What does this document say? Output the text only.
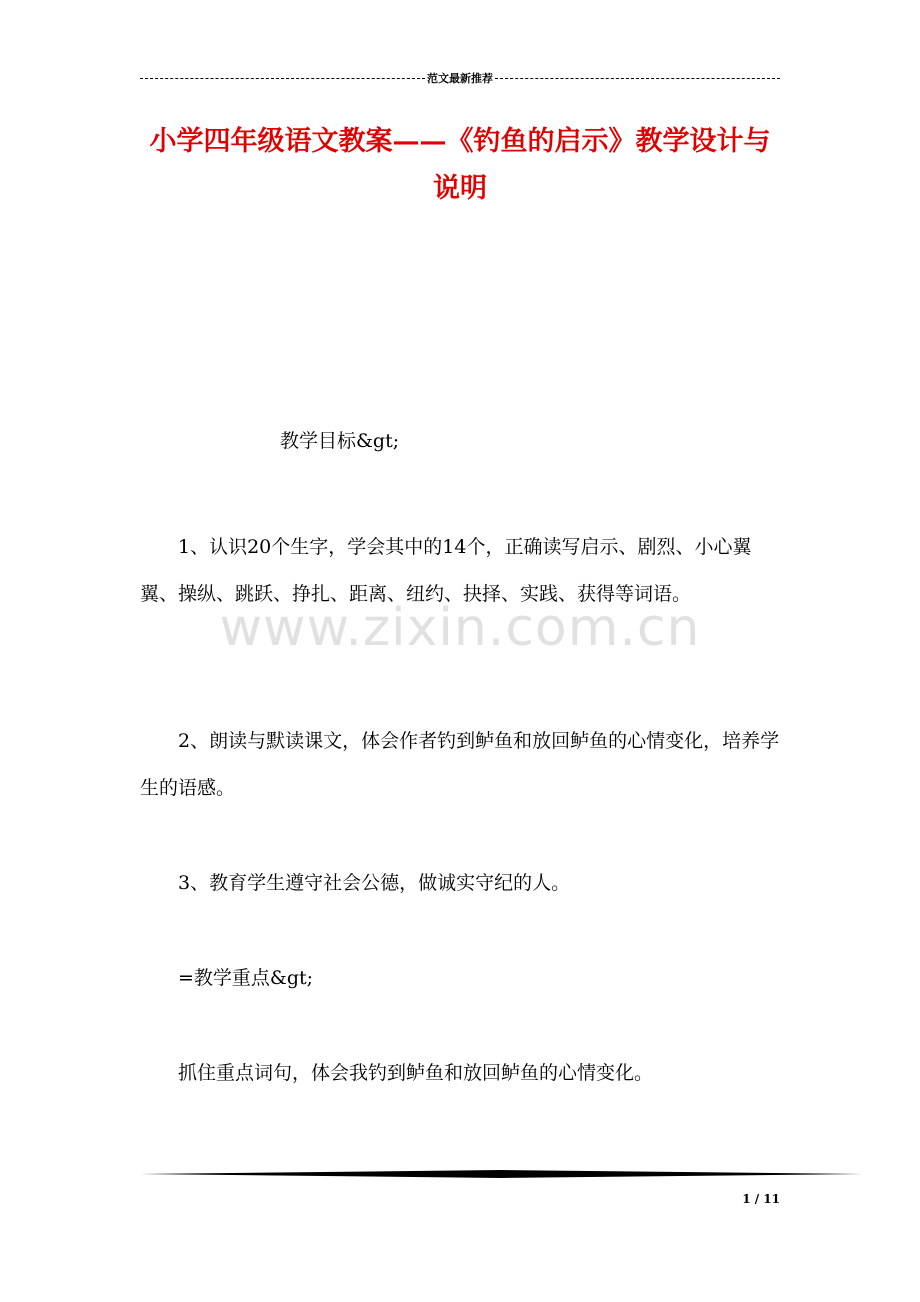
范文最新推荐
小学四年级语文教案——《钓鱼的启示》教学设计与说明
www.zixin.com.cn

教学目标&gt;

1、认识20个生字，学会其中的14个，正确读写启示、剧烈、小心翼翼、操纵、跳跃、挣扎、距离、纽约、抉择、实践、获得等词语。

2、朗读与默读课文，体会作者钓到鲈鱼和放回鲈鱼的心情变化，培养学生的语感。

3、教育学生遵守社会公德，做诚实守纪的人。

=教学重点&gt;

抓住重点词句，体会我钓到鲈鱼和放回鲈鱼的心情变化。

1 / 11
